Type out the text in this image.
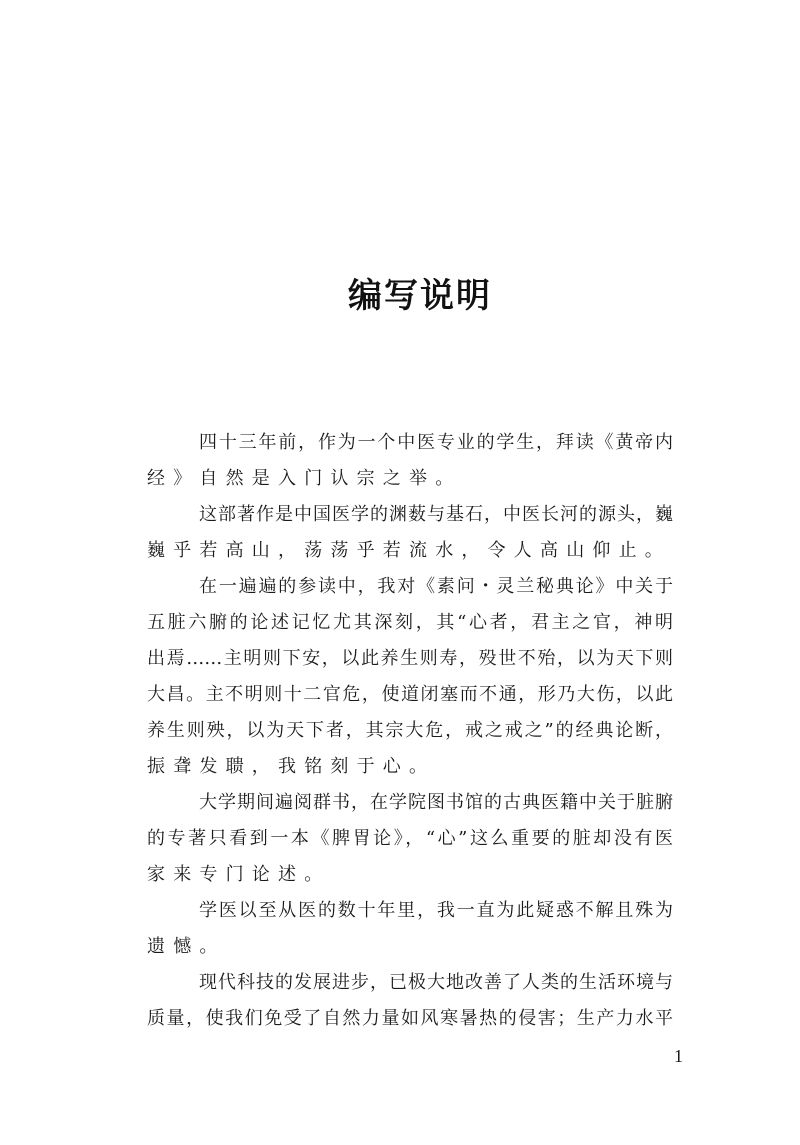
编写说明
四十三年前，作为一个中医专业的学生，拜读《黄帝内
经》自然是入门认宗之举。
这部著作是中国医学的渊薮与基石，中医长河的源头，巍
巍乎若高山，荡荡乎若流水，令人高山仰止。
在一遍遍的参读中，我对《素问・灵兰秘典论》中关于
五脏六腑的论述记忆尤其深刻，其“心者，君主之官，神明
出焉……主明则下安，以此养生则寿，殁世不殆，以为天下则
大昌。主不明则十二官危，使道闭塞而不通，形乃大伤，以此
养生则殃，以为天下者，其宗大危，戒之戒之”的经典论断，
振聋发聩，我铭刻于心。
大学期间遍阅群书，在学院图书馆的古典医籍中关于脏腑
的专著只看到一本《脾胃论》，“心”这么重要的脏却没有医
家来专门论述。
学医以至从医的数十年里，我一直为此疑惑不解且殊为
遗憾。
现代科技的发展进步，已极大地改善了人类的生活环境与
质量，使我们免受了自然力量如风寒暑热的侵害；生产力水平
1
